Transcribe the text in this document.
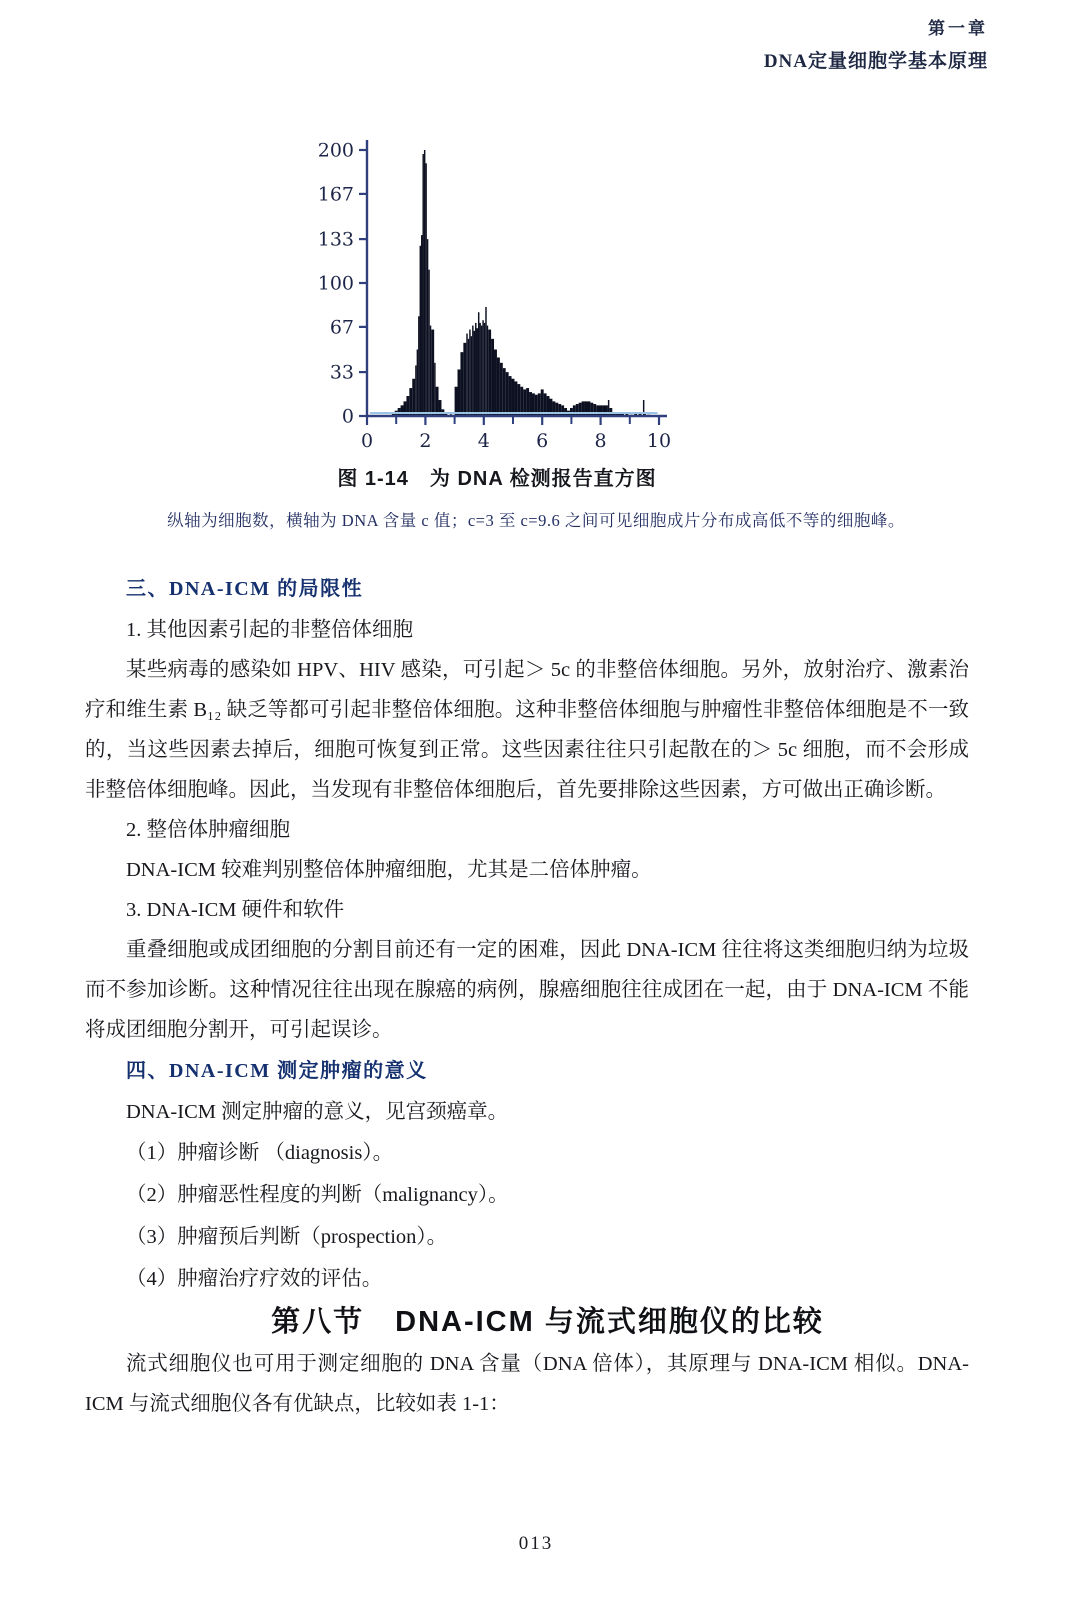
第一章
DNA定量细胞学基本原理
0
33
67
100
133
167
200
0 2 4 6 8 10
图 1-14　为 DNA 检测报告直方图
纵轴为细胞数，横轴为 DNA 含量 c 值；c=3 至 c=9.6 之间可见细胞成片分布成高低不等的细胞峰。
三、DNA-ICM 的局限性

1. 其他因素引起的非整倍体细胞

某些病毒的感染如 HPV、HIV 感染，可引起＞ 5c 的非整倍体细胞。另外，放射治疗、激素治疗和维生素 B₁₂ 缺乏等都可引起非整倍体细胞。这种非整倍体细胞与肿瘤性非整倍体细胞是不一致的，当这些因素去掉后，细胞可恢复到正常。这些因素往往只引起散在的＞ 5c 细胞，而不会形成非整倍体细胞峰。因此，当发现有非整倍体细胞后，首先要排除这些因素，方可做出正确诊断。

2. 整倍体肿瘤细胞

DNA-ICM 较难判别整倍体肿瘤细胞，尤其是二倍体肿瘤。

3. DNA-ICM 硬件和软件

重叠细胞或成团细胞的分割目前还有一定的困难，因此 DNA-ICM 往往将这类细胞归纳为垃圾而不参加诊断。这种情况往往出现在腺癌的病例，腺癌细胞往往成团在一起，由于 DNA-ICM 不能将成团细胞分割开，可引起误诊。

四、DNA-ICM 测定肿瘤的意义

DNA-ICM 测定肿瘤的意义，见宫颈癌章。

（1）肿瘤诊断 （diagnosis）。

（2）肿瘤恶性程度的判断（malignancy）。

（3）肿瘤预后判断（prospection）。

（4）肿瘤治疗疗效的评估。

第八节　DNA-ICM 与流式细胞仪的比较

流式细胞仪也可用于测定细胞的 DNA 含量（DNA 倍体），其原理与 DNA-ICM 相似。DNA-ICM 与流式细胞仪各有优缺点，比较如表 1-1：

013
